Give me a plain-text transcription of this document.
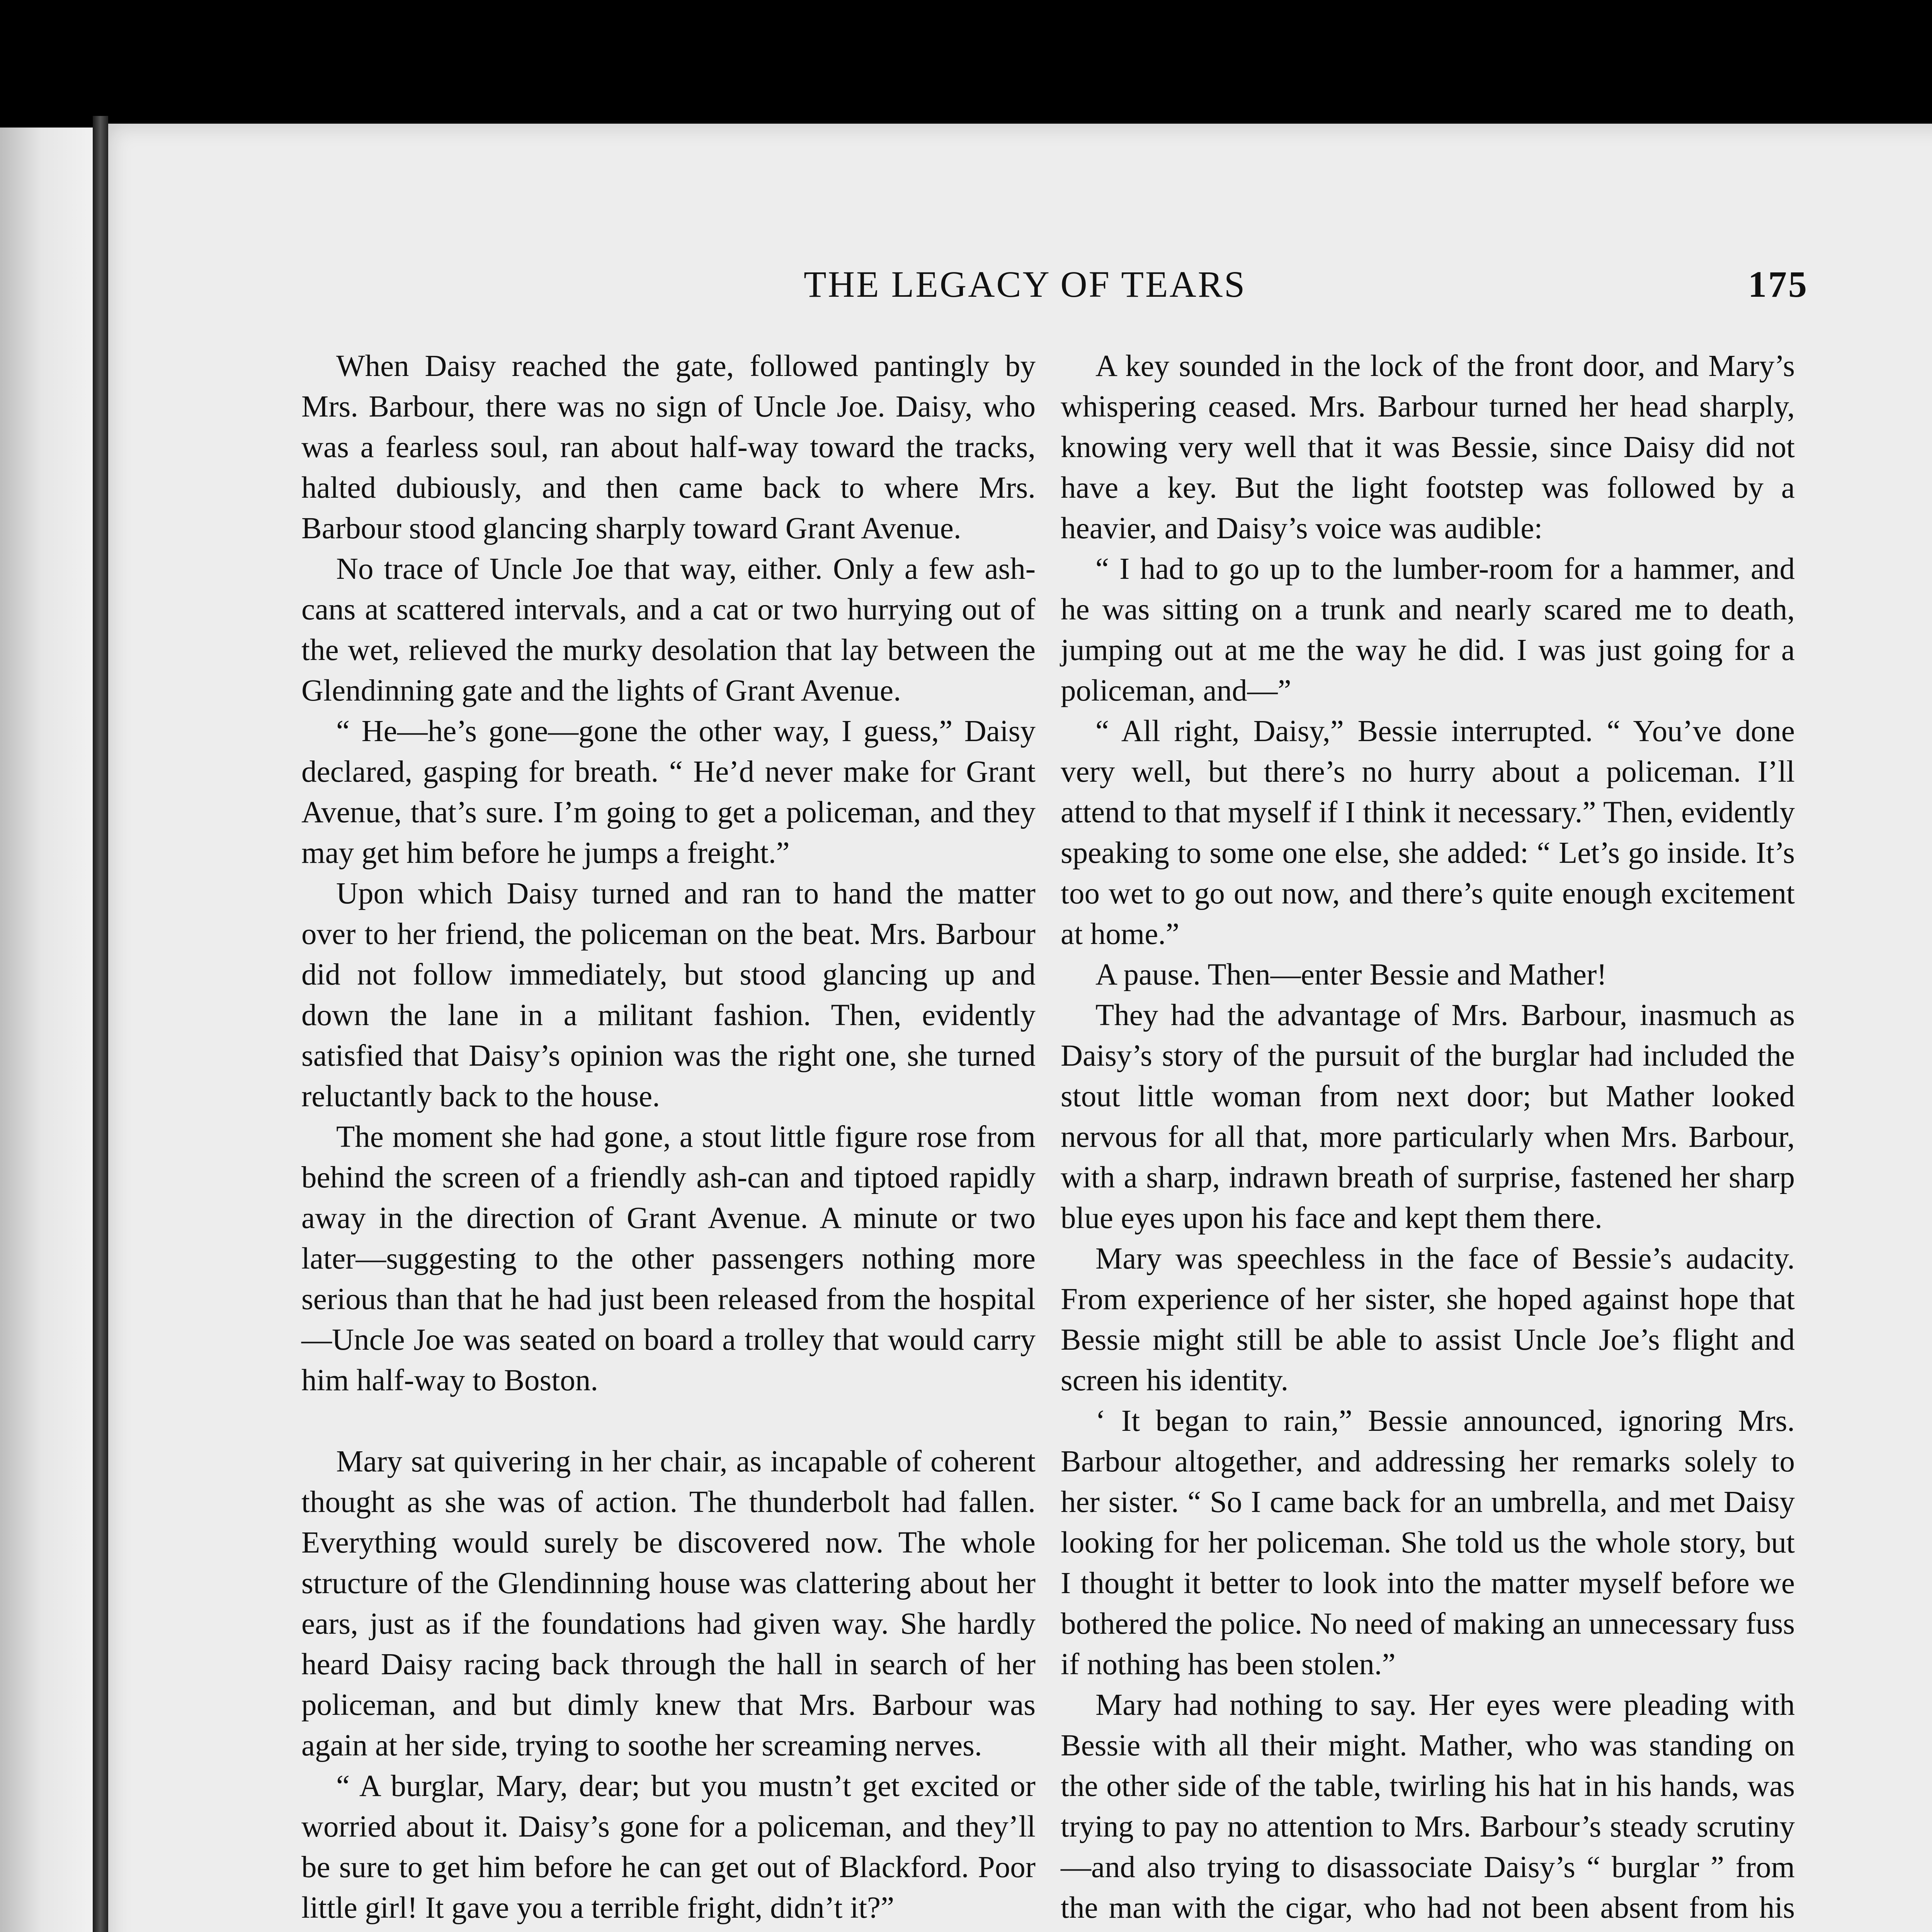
THE LEGACY OF TEARS	175

When Daisy reached the gate, followed pantingly by Mrs. Barbour, there was no sign of Uncle Joe. Daisy, who was a fearless soul, ran about half-way toward the tracks, halted dubiously, and then came back to where Mrs. Barbour stood glancing sharply toward Grant Avenue.

No trace of Uncle Joe that way, either. Only a few ash-cans at scattered intervals, and a cat or two hurrying out of the wet, relieved the murky desolation that lay between the Glendinning gate and the lights of Grant Avenue.

“ He—he’s gone—gone the other way, I guess,” Daisy declared, gasping for breath. “ He’d never make for Grant Avenue, that’s sure. I’m going to get a policeman, and they may get him before he jumps a freight.”

Upon which Daisy turned and ran to hand the matter over to her friend, the policeman on the beat. Mrs. Barbour did not follow immediately, but stood glancing up and down the lane in a militant fashion. Then, evidently satisfied that Daisy’s opinion was the right one, she turned reluctantly back to the house.

The moment she had gone, a stout little figure rose from behind the screen of a friendly ash-can and tiptoed rapidly away in the direction of Grant Avenue. A minute or two later—suggesting to the other passengers nothing more serious than that he had just been released from the hospital—Uncle Joe was seated on board a trolley that would carry him half-way to Boston.

Mary sat quivering in her chair, as incapable of coherent thought as she was of action. The thunderbolt had fallen. Everything would surely be discovered now. The whole structure of the Glendinning house was clattering about her ears, just as if the foundations had given way. She hardly heard Daisy racing back through the hall in search of her policeman, and but dimly knew that Mrs. Barbour was again at her side, trying to soothe her screaming nerves.

“ A burglar, Mary, dear; but you mustn’t get excited or worried about it. Daisy’s gone for a policeman, and they’ll be sure to get him before he can get out of Blackford. Poor little girl! It gave you a terrible fright, didn’t it?”

A key sounded in the lock of the front door, and Mary’s whispering ceased. Mrs. Barbour turned her head sharply, knowing very well that it was Bessie, since Daisy did not have a key. But the light footstep was followed by a heavier, and Daisy’s voice was audible:

“ I had to go up to the lumber-room for a hammer, and he was sitting on a trunk and nearly scared me to death, jumping out at me the way he did. I was just going for a policeman, and—”

“ All right, Daisy,” Bessie interrupted. “ You’ve done very well, but there’s no hurry about a policeman. I’ll attend to that myself if I think it necessary.” Then, evidently speaking to some one else, she added: “ Let’s go inside. It’s too wet to go out now, and there’s quite enough excitement at home.”

A pause. Then—enter Bessie and Mather!

They had the advantage of Mrs. Barbour, inasmuch as Daisy’s story of the pursuit of the burglar had included the stout little woman from next door; but Mather looked nervous for all that, more particularly when Mrs. Barbour, with a sharp, indrawn breath of surprise, fastened her sharp blue eyes upon his face and kept them there.

Mary was speechless in the face of Bessie’s audacity. From experience of her sister, she hoped against hope that Bessie might still be able to assist Uncle Joe’s flight and screen his identity.

‘ It began to rain,” Bessie announced, ignoring Mrs. Barbour altogether, and addressing her remarks solely to her sister. “ So I came back for an umbrella, and met Daisy looking for her policeman. She told us the whole story, but I thought it better to look into the matter myself before we bothered the police. No need of making an unnecessary fuss if nothing has been stolen.”

Mary had nothing to say. Her eyes were pleading with Bessie with all their might. Mather, who was standing on the other side of the table, twirling his hat in his hands, was trying to pay no attention to Mrs. Barbour’s steady scrutiny—and also trying to disassociate Daisy’s “ burglar ” from the man with the cigar, who had not been absent from his
